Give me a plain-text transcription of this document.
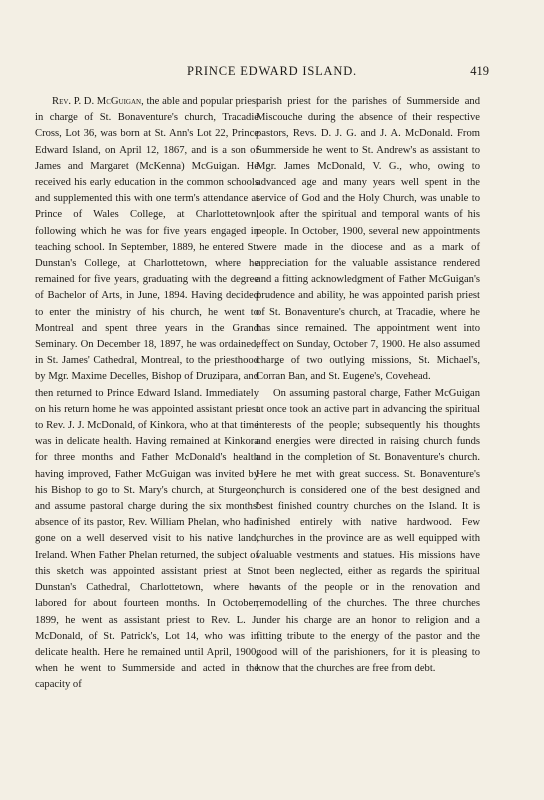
PRINCE EDWARD ISLAND.	419

Rev. P. D. McGuigan, the able and popular priest in charge of St. Bonaventure's church, Tracadie Cross, Lot 36, was born at St. Ann's Lot 22, Prince Edward Island, on April 12, 1867, and is a son of James and Margaret (McKenna) McGuigan. He received his early education in the common schools and supplemented this with one term's attendance at Prince of Wales College, at Charlottetown, following which he was for five years engaged in teaching school. In September, 1889, he entered St. Dunstan's College, at Charlottetown, where he remained for five years, graduating with the degree of Bachelor of Arts, in June, 1894. Having decided to enter the ministry of his church, he went to Montreal and spent three years in the Grand Seminary. On December 18, 1897, he was ordained, in St. James' Cathedral, Montreal, to the priesthood by Mgr. Maxime Decelles, Bishop of Druzipara, and then returned to Prince Edward Island. Immediately on his return home he was appointed assistant priest to Rev. J. J. McDonald, of Kinkora, who at that time was in delicate health. Having remained at Kinkora for three months and Father McDonald's health having improved, Father McGuigan was invited by his Bishop to go to St. Mary's church, at Sturgeon, and assume pastoral charge during the six months' absence of its pastor, Rev. William Phelan, who had gone on a well deserved visit to his native land, Ireland. When Father Phelan returned, the subject of this sketch was appointed assistant priest at St. Dunstan's Cathedral, Charlottetown, where he labored for about fourteen months. In October, 1899, he went as assistant priest to Rev. L. J. McDonald, of St. Patrick's, Lot 14, who was in delicate health. Here he remained until April, 1900, when he went to Summerside and acted in the capacity of

parish priest for the parishes of Summerside and Miscouche during the absence of their respective pastors, Revs. D. J. G. and J. A. McDonald. From Summerside he went to St. Andrew's as assistant to Mgr. James McDonald, V. G., who, owing to advanced age and many years well spent in the service of God and the Holy Church, was unable to look after the spiritual and temporal wants of his people. In October, 1900, several new appointments were made in the diocese and as a mark of appreciation for the valuable assistance rendered and a fitting acknowledgment of Father McGuigan's prudence and ability, he was appointed parish priest of St. Bonaventure's church, at Tracadie, where he has since remained. The appointment went into effect on Sunday, October 7, 1900. He also assumed charge of two outlying missions, St. Michael's, Corran Ban, and St. Eugene's, Covehead.

On assuming pastoral charge, Father McGuigan at once took an active part in advancing the spiritual interests of the people; subsequently his thoughts and energies were directed in raising church funds and in the completion of St. Bonaventure's church. Here he met with great success. St. Bonaventure's church is considered one of the best designed and best finished country churches on the Island. It is finished entirely with native hardwood. Few churches in the province are as well equipped with valuable vestments and statues. His missions have not been neglected, either as regards the spiritual wants of the people or in the renovation and remodelling of the churches. The three churches under his charge are an honor to religion and a fitting tribute to the energy of the pastor and the good will of the parishioners, for it is pleasing to know that the churches are free from debt.
